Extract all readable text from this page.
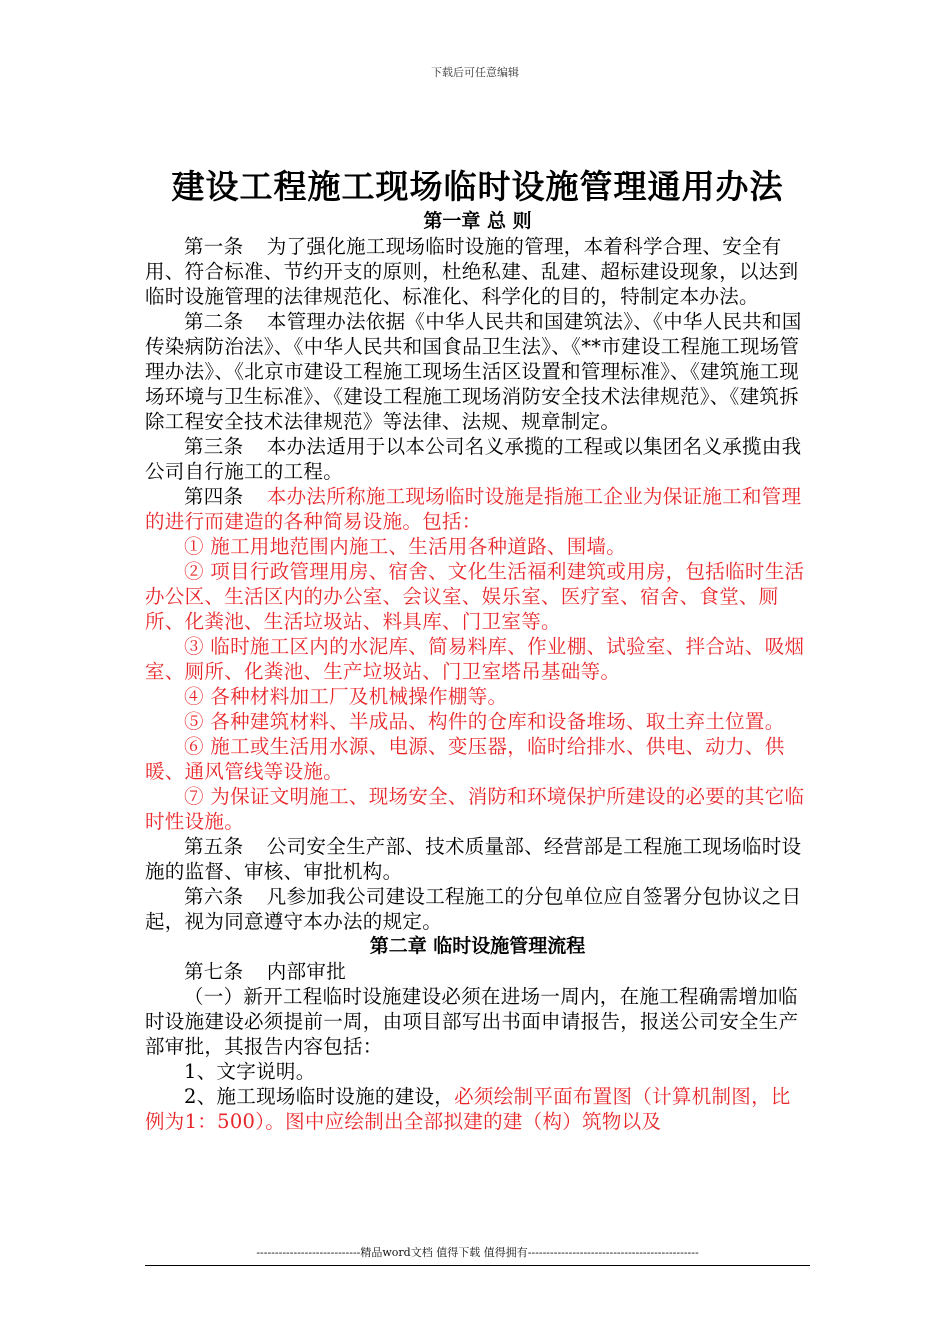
下载后可任意编辑
建设工程施工现场临时设施管理通用办法
第一章 总 则

第一条 为了强化施工现场临时设施的管理，本着科学合理、安全有用、符合标准、节约开支的原则，杜绝私建、乱建、超标建设现象，以达到临时设施管理的法律规范化、标准化、科学化的目的，特制定本办法。

第二条 本管理办法依据《中华人民共和国建筑法》、《中华人民共和国传染病防治法》、《中华人民共和国食品卫生法》、《**市建设工程施工现场管理办法》、《北京市建设工程施工现场生活区设置和管理标准》、《建筑施工现场环境与卫生标准》、《建设工程施工现场消防安全技术法律规范》、《建筑拆除工程安全技术法律规范》等法律、法规、规章制定。

第三条 本办法适用于以本公司名义承揽的工程或以集团名义承揽由我公司自行施工的工程。

第四条 本办法所称施工现场临时设施是指施工企业为保证施工和管理的进行而建造的各种简易设施。包括：

① 施工用地范围内施工、生活用各种道路、围墙。

② 项目行政管理用房、宿舍、文化生活福利建筑或用房，包括临时生活办公区、生活区内的办公室、会议室、娱乐室、医疗室、宿舍、食堂、厕所、化粪池、生活垃圾站、料具库、门卫室等。

③ 临时施工区内的水泥库、简易料库、作业棚、试验室、拌合站、吸烟室、厕所、化粪池、生产垃圾站、门卫室塔吊基础等。

④ 各种材料加工厂及机械操作棚等。

⑤ 各种建筑材料、半成品、构件的仓库和设备堆场、取土弃土位置。

⑥ 施工或生活用水源、电源、变压器，临时给排水、供电、动力、供暖、通风管线等设施。

⑦ 为保证文明施工、现场安全、消防和环境保护所建设的必要的其它临时性设施。

第五条 公司安全生产部、技术质量部、经营部是工程施工现场临时设施的监督、审核、审批机构。

第六条 凡参加我公司建设工程施工的分包单位应自签署分包协议之日起，视为同意遵守本办法的规定。

第二章 临时设施管理流程

第七条 内部审批

（一）新开工程临时设施建设必须在进场一周内，在施工程确需增加临时设施建设必须提前一周，由项目部写出书面申请报告，报送公司安全生产部审批，其报告内容包括：

1、文字说明。

2、施工现场临时设施的建设，必须绘制平面布置图（计算机制图，比例为1：500）。图中应绘制出全部拟建的建（构）筑物以及

----------------------------精品word文档 值得下载 值得拥有----------------------------------------------
